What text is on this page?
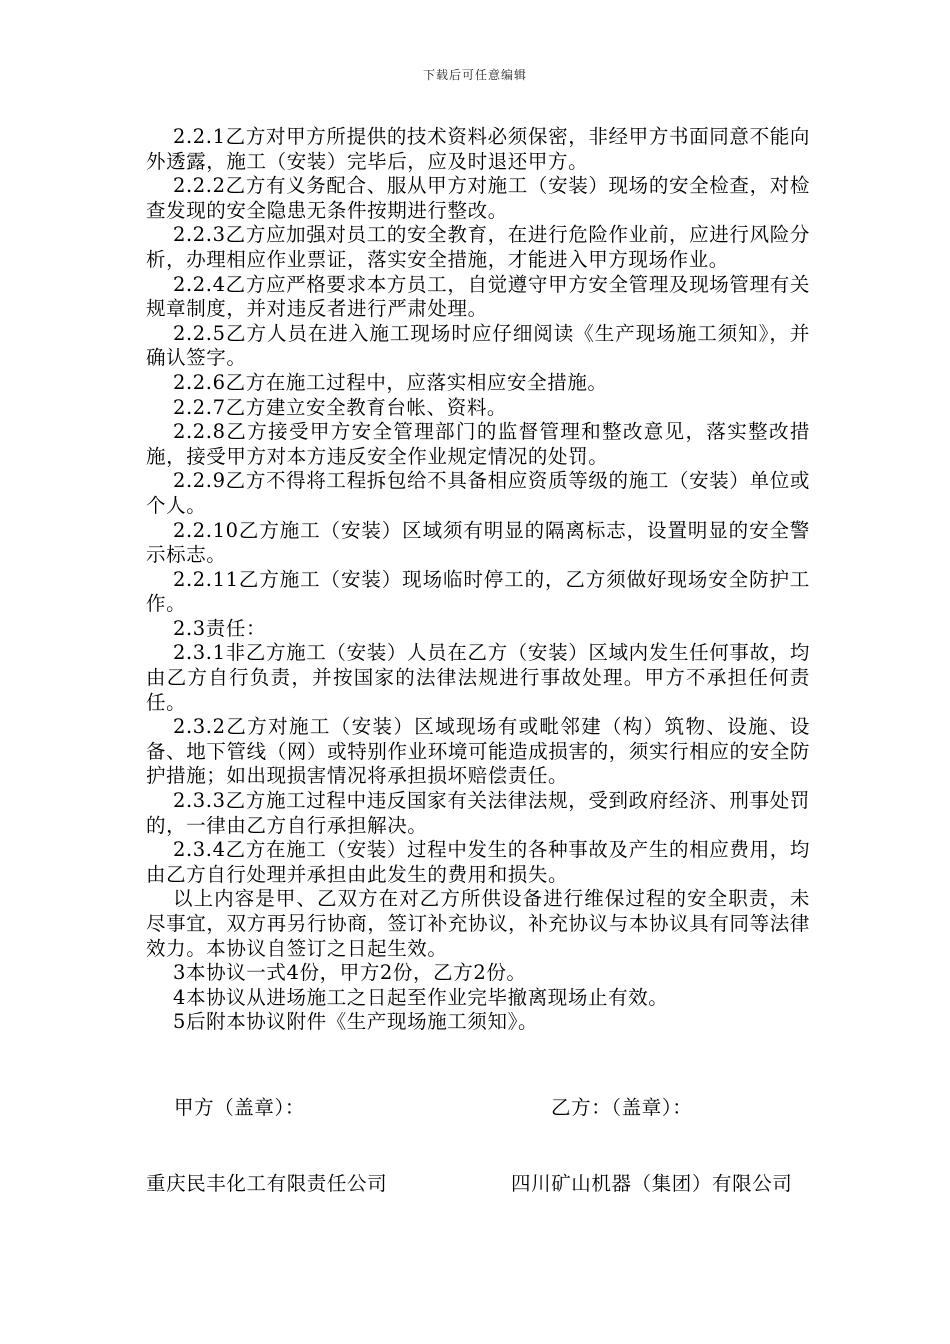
下载后可任意编辑

2.2.1乙方对甲方所提供的技术资料必须保密，非经甲方书面同意不能向外透露，施工（安装）完毕后，应及时退还甲方。

2.2.2乙方有义务配合、服从甲方对施工（安装）现场的安全检查，对检查发现的安全隐患无条件按期进行整改。

2.2.3乙方应加强对员工的安全教育，在进行危险作业前，应进行风险分析，办理相应作业票证，落实安全措施，才能进入甲方现场作业。

2.2.4乙方应严格要求本方员工，自觉遵守甲方安全管理及现场管理有关规章制度，并对违反者进行严肃处理。

2.2.5乙方人员在进入施工现场时应仔细阅读《生产现场施工须知》，并确认签字。

2.2.6乙方在施工过程中，应落实相应安全措施。

2.2.7乙方建立安全教育台帐、资料。

2.2.8乙方接受甲方安全管理部门的监督管理和整改意见，落实整改措施，接受甲方对本方违反安全作业规定情况的处罚。

2.2.9乙方不得将工程拆包给不具备相应资质等级的施工（安装）单位或个人。

2.2.10乙方施工（安装）区域须有明显的隔离标志，设置明显的安全警示标志。

2.2.11乙方施工（安装）现场临时停工的，乙方须做好现场安全防护工作。

2.3责任：

2.3.1非乙方施工（安装）人员在乙方（安装）区域内发生任何事故，均由乙方自行负责，并按国家的法律法规进行事故处理。甲方不承担任何责任。

2.3.2乙方对施工（安装）区域现场有或毗邻建（构）筑物、设施、设备、地下管线（网）或特别作业环境可能造成损害的，须实行相应的安全防护措施；如出现损害情况将承担损坏赔偿责任。

2.3.3乙方施工过程中违反国家有关法律法规，受到政府经济、刑事处罚的，一律由乙方自行承担解决。

2.3.4乙方在施工（安装）过程中发生的各种事故及产生的相应费用，均由乙方自行处理并承担由此发生的费用和损失。

以上内容是甲、乙双方在对乙方所供设备进行维保过程的安全职责，未尽事宜，双方再另行协商，签订补充协议，补充协议与本协议具有同等法律效力。本协议自签订之日起生效。

3本协议一式4份，甲方2份，乙方2份。

4本协议从进场施工之日起至作业完毕撤离现场止有效。

5后附本协议附件《生产现场施工须知》。

甲方（盖章）：	乙方：（盖章）：
重庆民丰化工有限责任公司	四川矿山机器（集团）有限公司
